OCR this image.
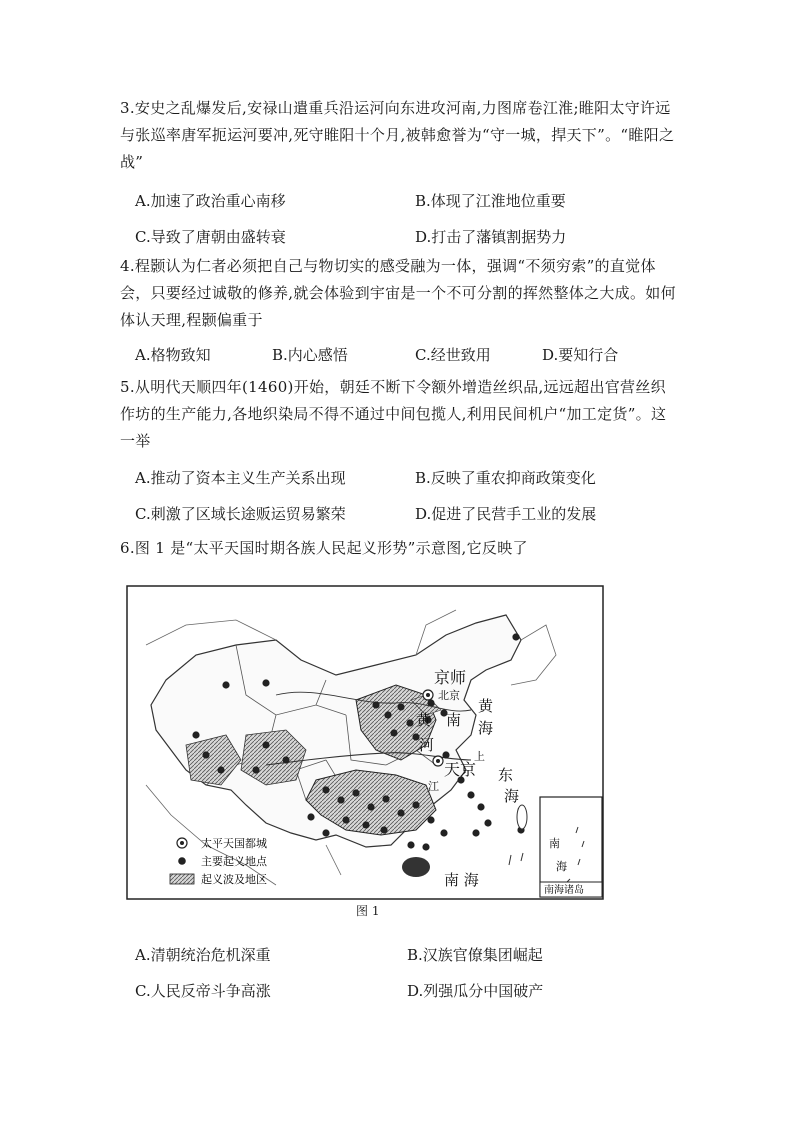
3.安史之乱爆发后,安禄山遣重兵沿运河向东进攻河南,力图席卷江淮;睢阳太守许远与张巡率唐军扼运河要冲,死守睢阳十个月,被韩愈誉为“守一城，捍天下”。“睢阳之战”

A.加速了政治重心南移	B.体现了江淮地位重要
C.导致了唐朝由盛转衰	D.打击了藩镇割据势力

4.程颢认为仁者必须把自己与物切实的感受融为一体，强调“不须穷索”的直觉体会，只要经过诚敬的修养,就会体验到宇宙是一个不可分割的挥然整体之大成。如何体认天理,程颢偏重于

A.格物致知	B.内心感悟	C.经世致用	D.要知行合

5.从明代天顺四年(1460)开始，朝廷不断下令额外增造丝织品,远远超出官营丝织作坊的生产能力,各地织染局不得不通过中间包揽人,利用民间机户“加工定货”。这一举

A.推动了资本主义生产关系出现	B.反映了重农抑商政策变化
C.刺激了区域长途贩运贸易繁荣	D.促进了民营手工业的发展

6.图 1 是“太平天国时期各族人民起义形势”示意图,它反映了

京师
北京
黄
河
南
黄
海
天京
江
上
东
海
南 海
南
海
南海诸岛
太平天国都城
主要起义地点
起义波及地区
图 1
A.清朝统治危机深重	B.汉族官僚集团崛起
C.人民反帝斗争高涨	D.列强瓜分中国破产
